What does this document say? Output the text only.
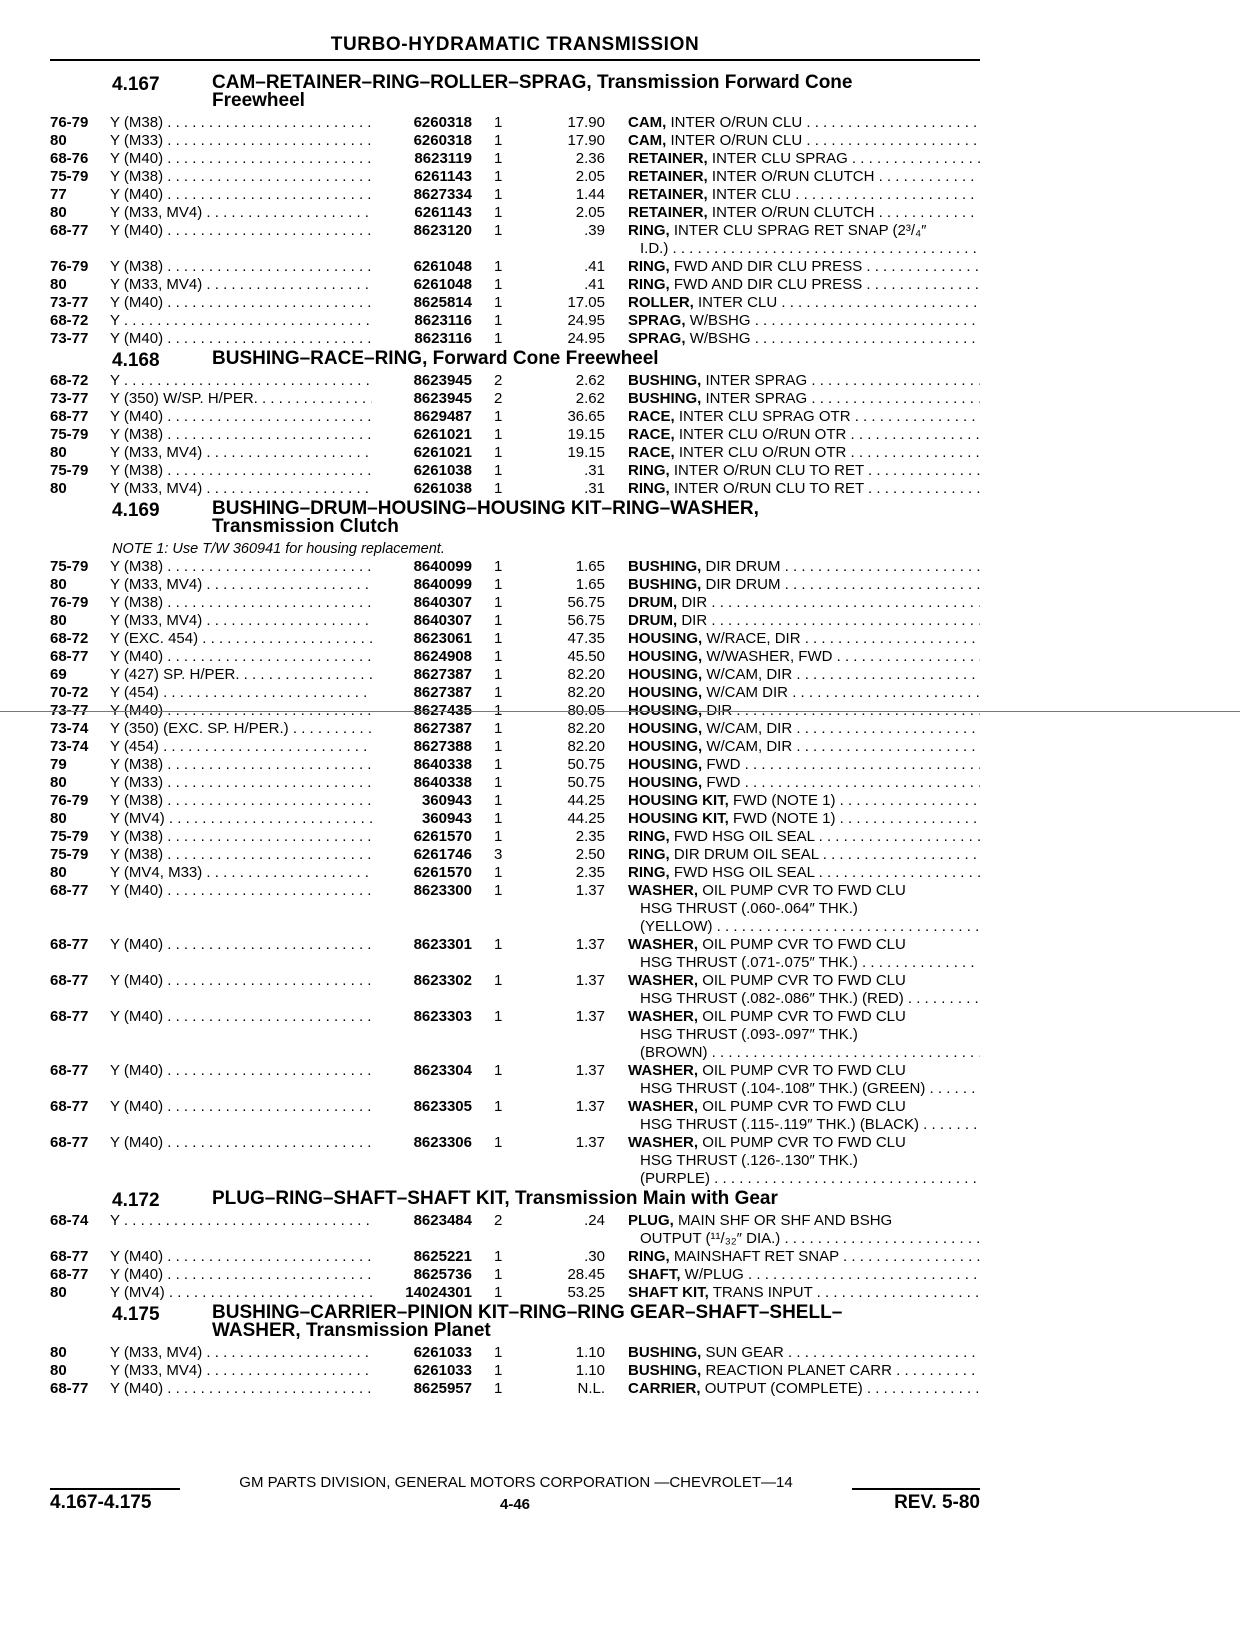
TURBO-HYDRAMATIC TRANSMISSION
4.167	CAM–RETAINER–RING–ROLLER–SPRAG, Transmission Forward Cone
Freewheel
76-79	Y (M38) . . .	6260318 1	17.90 CAM, INTER O/RUN CLU . . .
80	Y (M33) . . .	6260318 1	17.90 CAM, INTER O/RUN CLU . . .
68-76	Y (M40) . . .	8623119 1	2.36 RETAINER, INTER CLU SPRAG . . .
75-79	Y (M38) . . .	6261143 1	2.05 RETAINER, INTER O/RUN CLUTCH . . .
77	Y (M40) . . .	8627334 1	1.44 RETAINER, INTER CLU . . .
80	Y (M33, MV4) . . .	6261143 1	2.05 RETAINER, INTER O/RUN CLUTCH . . .
68-77	Y (M40) . . .	8623120 1	.39 RING, INTER CLU SPRAG RET SNAP (2³/₄″
I.D.) . . .
76-79	Y (M38) . . .	6261048 1	.41 RING, FWD AND DIR CLU PRESS . . .
80	Y (M33, MV4) . . .	6261048 1	.41 RING, FWD AND DIR CLU PRESS . . .
73-77	Y (M40) . . .	8625814 1	17.05 ROLLER, INTER CLU . . .
68-72	Y . . .	8623116 1	24.95 SPRAG, W/BSHG . . .
73-77	Y (M40) . . .	8623116 1	24.95 SPRAG, W/BSHG . . .
4.168	BUSHING–RACE–RING, Forward Cone Freewheel
68-72	Y . . .	8623945 2	2.62 BUSHING, INTER SPRAG . . .
73-77	Y (350) W/SP. H/PER. . . .	8623945 2	2.62 BUSHING, INTER SPRAG . . .
68-77	Y (M40) . . .	8629487 1	36.65 RACE, INTER CLU SPRAG OTR . . .
75-79	Y (M38) . . .	6261021 1	19.15 RACE, INTER CLU O/RUN OTR . . .
80	Y (M33, MV4) . . .	6261021 1	19.15 RACE, INTER CLU O/RUN OTR . . .
75-79	Y (M38) . . .	6261038 1	.31 RING, INTER O/RUN CLU TO RET . . .
80	Y (M33, MV4) . . .	6261038 1	.31 RING, INTER O/RUN CLU TO RET . . .
4.169	BUSHING–DRUM–HOUSING–HOUSING KIT–RING–WASHER,
Transmission Clutch
NOTE 1: Use T/W 360941 for housing replacement.
75-79	Y (M38) . . .	8640099 1	1.65 BUSHING, DIR DRUM . . .
80	Y (M33, MV4) . . .	8640099 1	1.65 BUSHING, DIR DRUM . . .
76-79	Y (M38) . . .	8640307 1	56.75 DRUM, DIR . . .
80	Y (M33, MV4) . . .	8640307 1	56.75 DRUM, DIR . . .
68-72	Y (EXC. 454) . . .	8623061 1	47.35 HOUSING, W/RACE, DIR . . .
68-77	Y (M40) . . .	8624908 1	45.50 HOUSING, W/WASHER, FWD . . .
69	Y (427) SP. H/PER. . . .	8627387 1	82.20 HOUSING, W/CAM, DIR . . .
70-72	Y (454) . . .	8627387 1	82.20 HOUSING, W/CAM DIR . . .
73-77	Y (M40) . . .	8627435 1	80.05 HOUSING, DIR . . .
73-74	Y (350) (EXC. SP. H/PER.) . . .	8627387 1	82.20 HOUSING, W/CAM, DIR . . .
73-74	Y (454) . . .	8627388 1	82.20 HOUSING, W/CAM, DIR . . .
79	Y (M38) . . .	8640338 1	50.75 HOUSING, FWD . . .
80	Y (M33) . . .	8640338 1	50.75 HOUSING, FWD . . .
76-79	Y (M38) . . .	360943 1	44.25 HOUSING KIT, FWD (NOTE 1) . . .
80	Y (MV4) . . .	360943 1	44.25 HOUSING KIT, FWD (NOTE 1) . . .
75-79	Y (M38) . . .	6261570 1	2.35 RING, FWD HSG OIL SEAL . . .
75-79	Y (M38) . . .	6261746 3	2.50 RING, DIR DRUM OIL SEAL . . .
80	Y (MV4, M33) . . .	6261570 1	2.35 RING, FWD HSG OIL SEAL . . .
68-77	Y (M40) . . .	8623300 1	1.37 WASHER, OIL PUMP CVR TO FWD CLU
HSG THRUST (.060-.064″ THK.)
(YELLOW) . . .
68-77	Y (M40) . . .	8623301 1	1.37 WASHER, OIL PUMP CVR TO FWD CLU
HSG THRUST (.071-.075″ THK.) . . .
68-77	Y (M40) . . .	8623302 1	1.37 WASHER, OIL PUMP CVR TO FWD CLU
HSG THRUST (.082-.086″ THK.) (RED) . . .
68-77	Y (M40) . . .	8623303 1	1.37 WASHER, OIL PUMP CVR TO FWD CLU
HSG THRUST (.093-.097″ THK.)
(BROWN) . . .
68-77	Y (M40) . . .	8623304 1	1.37 WASHER, OIL PUMP CVR TO FWD CLU
HSG THRUST (.104-.108″ THK.) (GREEN) . . .
68-77	Y (M40) . . .	8623305 1	1.37 WASHER, OIL PUMP CVR TO FWD CLU
HSG THRUST (.115-.119″ THK.) (BLACK) . . .
68-77	Y (M40) . . .	8623306 1	1.37 WASHER, OIL PUMP CVR TO FWD CLU
HSG THRUST (.126-.130″ THK.)
(PURPLE) . . .
4.172	PLUG–RING–SHAFT–SHAFT KIT, Transmission Main with Gear
68-74	Y . . .	8623484 2	.24 PLUG, MAIN SHF OR SHF AND BSHG
OUTPUT (¹¹/₃₂″ DIA.) . . .
68-77	Y (M40) . . .	8625221 1	.30 RING, MAINSHAFT RET SNAP . . .
68-77	Y (M40) . . .	8625736 1	28.45 SHAFT, W/PLUG . . .
80	Y (MV4) . . .	14024301 1	53.25 SHAFT KIT, TRANS INPUT . . .
4.175	BUSHING–CARRIER–PINION KIT–RING–RING GEAR–SHAFT–SHELL–
WASHER, Transmission Planet
80	Y (M33, MV4) . . .	6261033 1	1.10 BUSHING, SUN GEAR . . .
80	Y (M33, MV4) . . .	6261033 1	1.10 BUSHING, REACTION PLANET CARR . . .
68-77	Y (M40) . . .	8625957 1	N.L. CARRIER, OUTPUT (COMPLETE) . . .
GM PARTS DIVISION, GENERAL MOTORS CORPORATION —CHEVROLET—14
4.167-4.175	4-46	REV. 5-80
